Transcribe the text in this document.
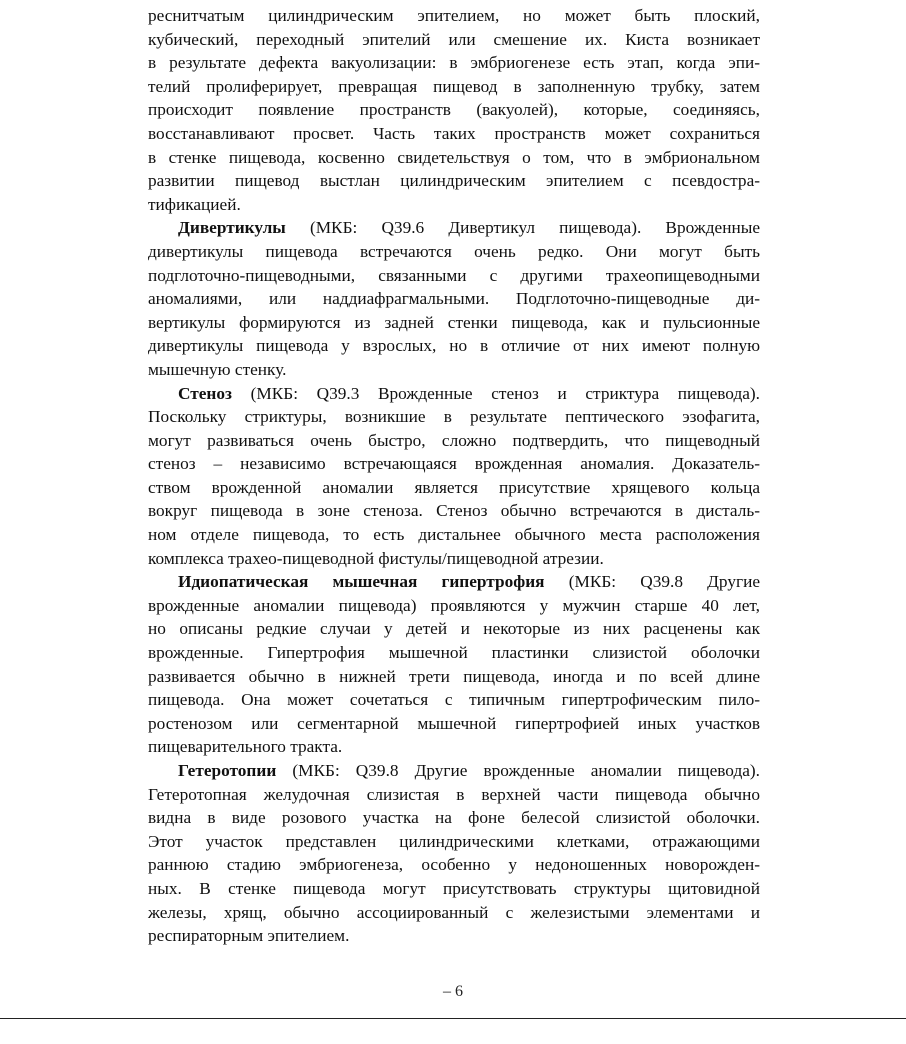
реснитчатым цилиндрическим эпителием, но может быть плоский,
кубический, переходный эпителий или смешение их. Киста возникает
в результате дефекта вакуолизации: в эмбриогенезе есть этап, когда эпи-
телий пролиферирует, превращая пищевод в заполненную трубку, затем
происходит появление пространств (вакуолей), которые, соединяясь,
восстанавливают просвет. Часть таких пространств может сохраниться
в стенке пищевода, косвенно свидетельствуя о том, что в эмбриональном
развитии пищевод выстлан цилиндрическим эпителием с псевдостра-
тификацией.
Дивертикулы (МКБ: Q39.6 Дивертикул пищевода). Врожденные
дивертикулы пищевода встречаются очень редко. Они могут быть
подглоточно-пищеводными, связанными с другими трахеопищеводными
аномалиями, или наддиафрагмальными. Подглоточно-пищеводные ди-
вертикулы формируются из задней стенки пищевода, как и пульсионные
дивертикулы пищевода у взрослых, но в отличие от них имеют полную
мышечную стенку.
Стеноз (МКБ: Q39.3 Врожденные стеноз и стриктура пищевода).
Поскольку стриктуры, возникшие в результате пептического эзофагита,
могут развиваться очень быстро, сложно подтвердить, что пищеводный
стеноз – независимо встречающаяся врожденная аномалия. Доказатель-
ством врожденной аномалии является присутствие хрящевого кольца
вокруг пищевода в зоне стеноза. Стеноз обычно встречаются в дисталь-
ном отделе пищевода, то есть дистальнее обычного места расположения
комплекса трахео-пищеводной фистулы/пищеводной атрезии.
Идиопатическая мышечная гипертрофия (МКБ: Q39.8 Другие
врожденные аномалии пищевода) проявляются у мужчин старше 40 лет,
но описаны редкие случаи у детей и некоторые из них расценены как
врожденные. Гипертрофия мышечной пластинки слизистой оболочки
развивается обычно в нижней трети пищевода, иногда и по всей длине
пищевода. Она может сочетаться с типичным гипертрофическим пило-
ростенозом или сегментарной мышечной гипертрофией иных участков
пищеварительного тракта.
Гетеротопии (МКБ: Q39.8 Другие врожденные аномалии пищевода).
Гетеротопная желудочная слизистая в верхней части пищевода обычно
видна в виде розового участка на фоне белесой слизистой оболочки.
Этот участок представлен цилиндрическими клетками, отражающими
раннюю стадию эмбриогенеза, особенно у недоношенных новорожден-
ных. В стенке пищевода могут присутствовать структуры щитовидной
железы, хрящ, обычно ассоциированный с железистыми элементами и
респираторным эпителием.
– 6
